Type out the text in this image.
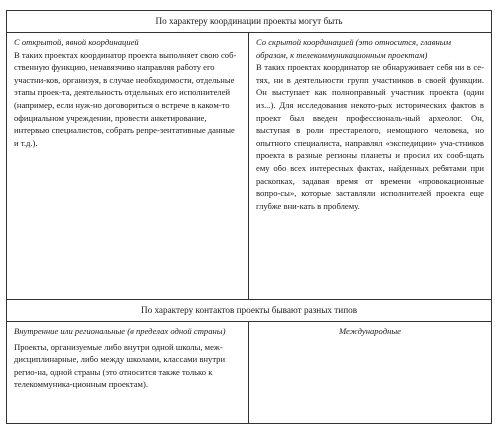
По характеру координации проекты могут быть

С открытой, явной координацией

В таких проектах координатор проекта выполняет свою соб-ственную функцию, ненавязчиво направляя работу его участни-ков, организуя, в случае необходимости, отдельные этапы проек-та, деятельность отдельных его исполнителей (например, если нуж-но договориться о встрече в каком-то официальном учреждении, провести анкетирование, интервью специалистов, собрать репре-зентативные данные и т.д.).

Со скрытой координацией (это относится, главным образом, к телекоммуникационным проектам)

В таких проектах координатор не обнаруживает себя ни в се-тях, ни в деятельности групп участников в своей функции. Он выступает как полноправный участник проекта (один из...). Для исследования некото-рых исторических фактов в проект был введен профессиональ-ный археолог. Он, выступая в роли престарелого, немощного человека, но опытного специалиста, направлял «экспедиции» уча-стников проекта в разные регионы планеты и просил их сооб-щать ему обо всех интересных фактах, найденных ребятами при раскопках, задавая время от времени «провокационные вопро-сы», которые заставляли исполнителей проекта еще глубже вни-кать в проблему.

По характеру контактов проекты бывают разных типов

Внутренние или региональные (в пределах одной страны)

Проекты, организуемые либо внутри одной школы, меж-дисциплинарные, либо между школами, классами внутри регио-на, одной страны (это относится также только к телекоммуника-ционным проектам).

Международные
